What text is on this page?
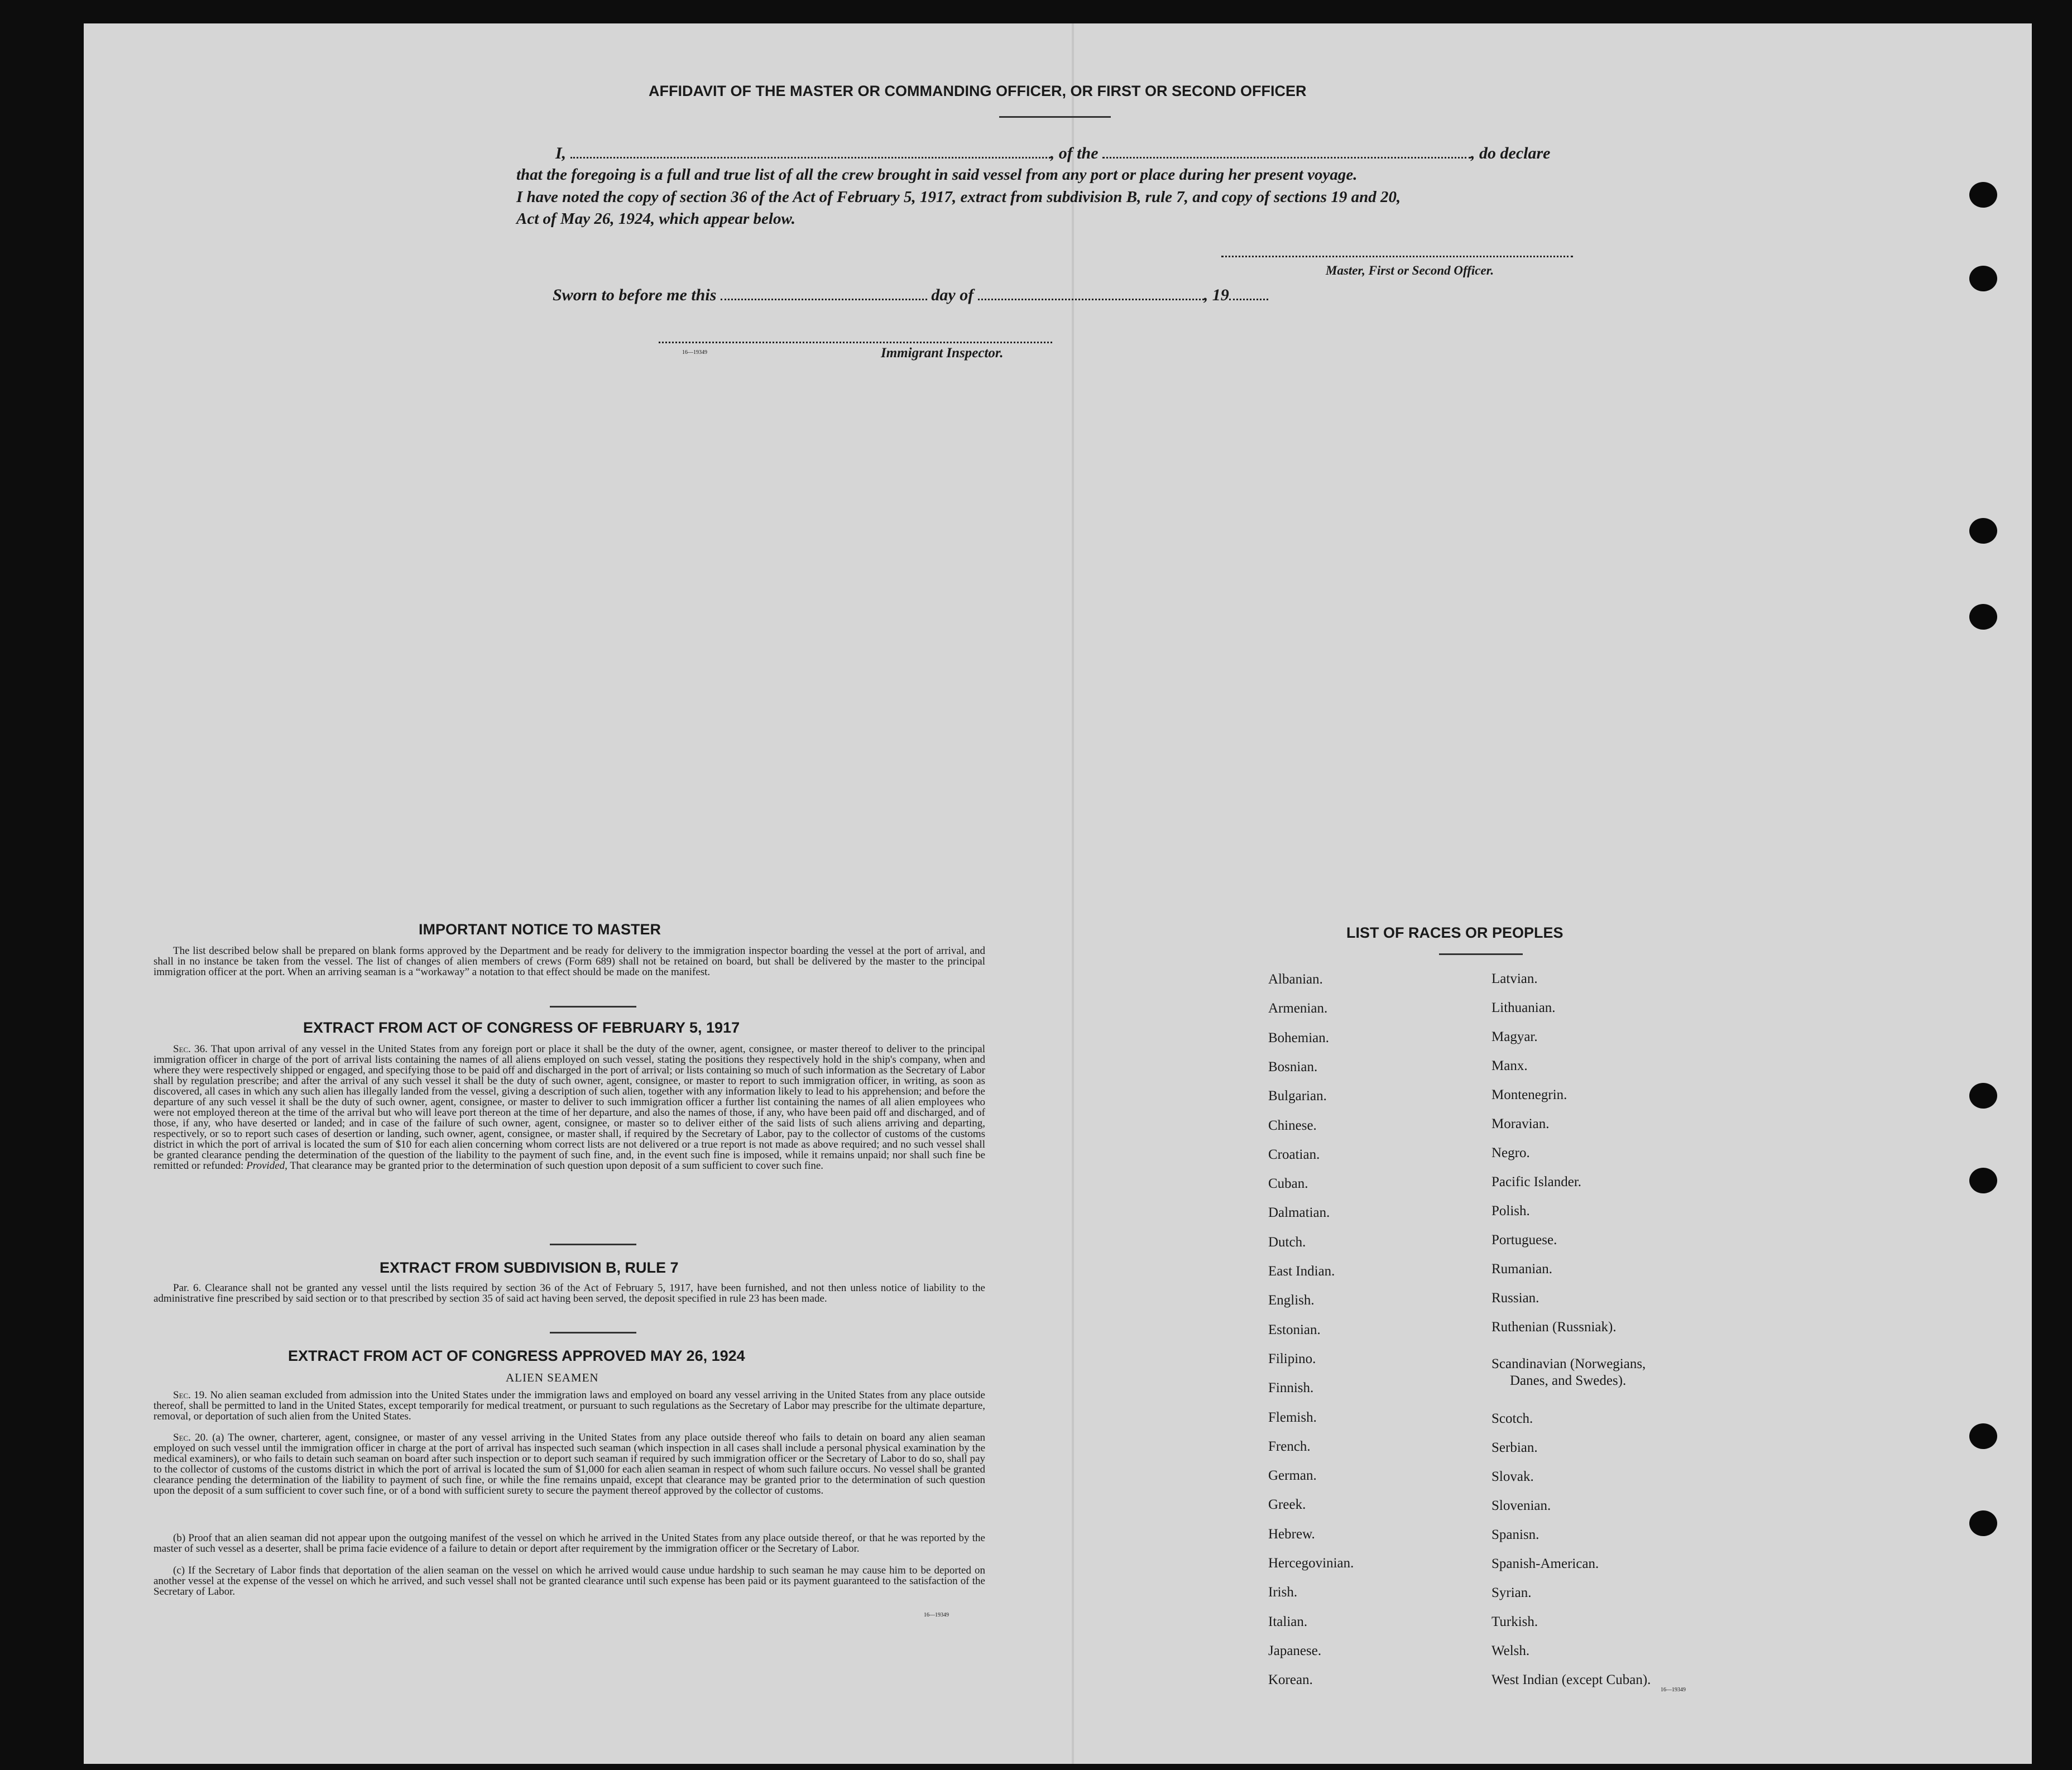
AFFIDAVIT OF THE MASTER OR COMMANDING OFFICER, OR FIRST OR SECOND OFFICER
I,	, of the	, do declare
that the foregoing is a full and true list of all the crew brought in said vessel from any port or place during her present voyage.
I have noted the copy of section 36 of the Act of February 5, 1917, extract from subdivision B, rule 7, and copy of sections 19 and 20,
Act of May 26, 1924, which appear below.
Master, First or Second Officer.
Sworn to before me this	day of	, 19
16—19349	Immigrant Inspector.
IMPORTANT NOTICE TO MASTER
The list described below shall be prepared on blank forms approved by the Department and be ready for delivery to the immigration inspector boarding the vessel at the port of arrival, and shall in no instance be taken from the vessel. The list of changes of alien members of crews (Form 689) shall not be retained on board, but shall be delivered by the master to the principal immigration officer at the port. When an arriving seaman is a “workaway” a notation to that effect should be made on the manifest.
EXTRACT FROM ACT OF CONGRESS OF FEBRUARY 5, 1917
Sec. 36. That upon arrival of any vessel in the United States from any foreign port or place it shall be the duty of the owner, agent, consignee, or master thereof to deliver to the principal immigration officer in charge of the port of arrival lists containing the names of all aliens employed on such vessel, stating the positions they respectively hold in the ship's company, when and where they were respectively shipped or engaged, and specifying those to be paid off and discharged in the port of arrival; or lists containing so much of such information as the Secretary of Labor shall by regulation prescribe; and after the arrival of any such vessel it shall be the duty of such owner, agent, consignee, or master to report to such immigration officer, in writing, as soon as discovered, all cases in which any such alien has illegally landed from the vessel, giving a description of such alien, together with any information likely to lead to his apprehension; and before the departure of any such vessel it shall be the duty of such owner, agent, consignee, or master to deliver to such immigration officer a further list containing the names of all alien employees who were not employed thereon at the time of the arrival but who will leave port thereon at the time of her departure, and also the names of those, if any, who have been paid off and discharged, and of those, if any, who have deserted or landed; and in case of the failure of such owner, agent, consignee, or master so to deliver either of the said lists of such aliens arriving and departing, respectively, or so to report such cases of desertion or landing, such owner, agent, consignee, or master shall, if required by the Secretary of Labor, pay to the collector of customs of the customs district in which the port of arrival is located the sum of $10 for each alien concerning whom correct lists are not delivered or a true report is not made as above required; and no such vessel shall be granted clearance pending the determination of the question of the liability to the payment of such fine, and, in the event such fine is imposed, while it remains unpaid; nor shall such fine be remitted or refunded: Provided, That clearance may be granted prior to the determination of such question upon deposit of a sum sufficient to cover such fine.
EXTRACT FROM SUBDIVISION B, RULE 7
Par. 6. Clearance shall not be granted any vessel until the lists required by section 36 of the Act of February 5, 1917, have been furnished, and not then unless notice of liability to the administrative fine prescribed by said section or to that prescribed by section 35 of said act having been served, the deposit specified in rule 23 has been made.
EXTRACT FROM ACT OF CONGRESS APPROVED MAY 26, 1924
ALIEN SEAMEN
Sec. 19. No alien seaman excluded from admission into the United States under the immigration laws and employed on board any vessel arriving in the United States from any place outside thereof, shall be permitted to land in the United States, except temporarily for medical treatment, or pursuant to such regulations as the Secretary of Labor may prescribe for the ultimate departure, removal, or deportation of such alien from the United States.
Sec. 20. (a) The owner, charterer, agent, consignee, or master of any vessel arriving in the United States from any place outside thereof who fails to detain on board any alien seaman employed on such vessel until the immigration officer in charge at the port of arrival has inspected such seaman (which inspection in all cases shall include a personal physical examination by the medical examiners), or who fails to detain such seaman on board after such inspection or to deport such seaman if required by such immigration officer or the Secretary of Labor to do so, shall pay to the collector of customs of the customs district in which the port of arrival is located the sum of $1,000 for each alien seaman in respect of whom such failure occurs. No vessel shall be granted clearance pending the determination of the liability to payment of such fine, or while the fine remains unpaid, except that clearance may be granted prior to the determination of such question upon the deposit of a sum sufficient to cover such fine, or of a bond with sufficient surety to secure the payment thereof approved by the collector of customs.
(b) Proof that an alien seaman did not appear upon the outgoing manifest of the vessel on which he arrived in the United States from any place outside thereof, or that he was reported by the master of such vessel as a deserter, shall be prima facie evidence of a failure to detain or deport after requirement by the immigration officer or the Secretary of Labor.
(c) If the Secretary of Labor finds that deportation of the alien seaman on the vessel on which he arrived would cause undue hardship to such seaman he may cause him to be deported on another vessel at the expense of the vessel on which he arrived, and such vessel shall not be granted clearance until such expense has been paid or its payment guaranteed to the satisfaction of the Secretary of Labor.
16—19349
LIST OF RACES OR PEOPLES
Albanian.
Armenian.
Bohemian.
Bosnian.
Bulgarian.
Chinese.
Croatian.
Cuban.
Dalmatian.
Dutch.
East Indian.
English.
Estonian.
Filipino.
Finnish.
Flemish.
French.
German.
Greek.
Hebrew.
Hercegovinian.
Irish.
Italian.
Japanese.
Korean.
Latvian.
Lithuanian.
Magyar.
Manx.
Montenegrin.
Moravian.
Negro.
Pacific Islander.
Polish.
Portuguese.
Rumanian.
Russian.
Ruthenian (Russniak).
Scandinavian (Norwegians,
Danes, and Swedes).
Scotch.
Serbian.
Slovak.
Slovenian.
Spanisn.
Spanish-American.
Syrian.
Turkish.
Welsh.
West Indian (except Cuban).
16—19349
